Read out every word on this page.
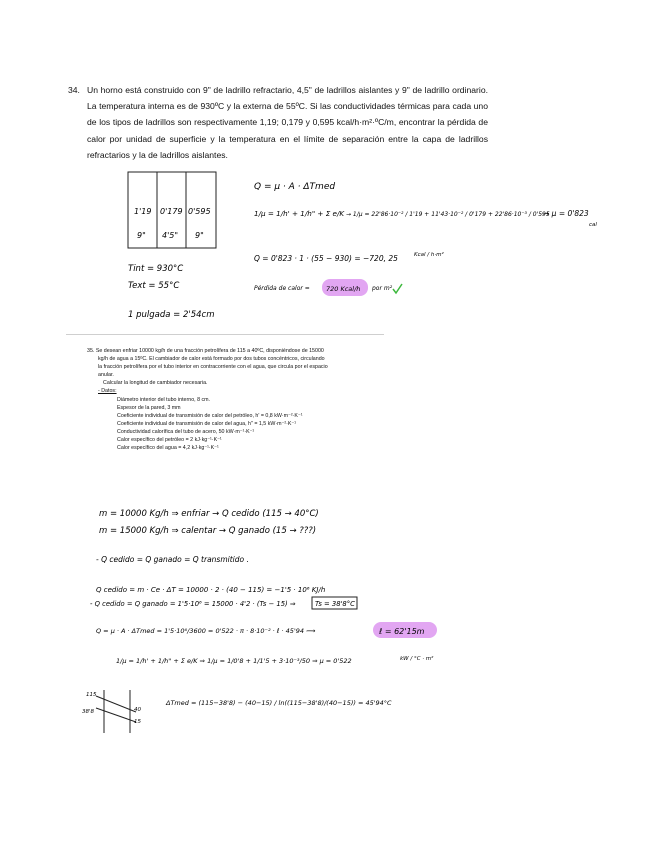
34. Un horno está construido con 9" de ladrillo refractario, 4,5" de ladrillos aislantes y 9" de ladrillo ordinario. La temperatura interna es de 930ºC y la externa de 55ºC. Si las conductividades térmicas para cada uno de los tipos de ladrillos son respectivamente 1,19; 0,179 y 0,595 kcal/h·m²·ºC/m, encontrar la pérdida de calor por unidad de superficie y la temperatura en el límite de separación entre la capa de ladrillos refractarios y la de ladrillos aislantes.
1'19 0'179 0'595
9" 4'5" 9"
Tint = 930°C
Text = 55°C
1 pulgada = 2'54cm
Q = μ · A · ΔTmed
1/μ = 1/h' + 1/h" + Σ e/K → 1/μ = 22'86·10⁻² / 1'19 + 11'43·10⁻² / 0'179 + 22'86·10⁻³ / 0'595
→ μ = 0'823
cal
Q = 0'823 · 1 · (55 − 930) = −720, 25	Kcal / h·m²
Pérdida de calor = 720 Kcal/h por m²
35. Se desean enfriar 10000 kg/h de una fracción petrolífera de 115 a 40ºC, disponiéndose de 15000
kg/h de agua a 15ºC. El cambiador de calor está formado por dos tubos concéntricos, circulando
la fracción petrolífera por el tubo interior en contracorriente con el agua, que circula por el espacio
anular.
Calcular la longitud de cambiador necesaria.
- Datos:
Diámetro interior del tubo interno, 8 cm.
Espesor de la pared, 3 mm
Coeficiente individual de transmisión de calor del petróleo, h' = 0,8 kW·m⁻²·K⁻¹
Coeficiente individual de transmisión de calor del agua, h" = 1,5 kW·m⁻²·K⁻¹
Conductividad calorífica del tubo de acero, 50 kW·m⁻¹·K⁻¹
Calor específico del petróleo = 2 kJ·kg⁻¹·K⁻¹
Calor específico del agua = 4,2 kJ·kg⁻¹·K⁻¹
m = 10000 Kg/h ⇒ enfriar → Q cedido (115 → 40°C)
m = 15000 Kg/h ⇒ calentar → Q ganado (15 → ???)
- Q cedido = Q ganado = Q transmitido .
Q cedido = m · Ce · ΔT = 10000 · 2 · (40 − 115) = −1'5 · 10⁶ KJ/h
- Q cedido = Q ganado = 1'5·10⁶ = 15000 · 4'2 · (Ts − 15) ⇒	Ts = 38'8°C
Q = μ · A · ΔTmed = 1'5·10⁶/3600 = 0'522 · π · 8·10⁻² · ℓ · 45'94 ⟿	ℓ = 62'15m
1/μ = 1/h' + 1/h" + Σ e/K ⇒ 1/μ = 1/0'8 + 1/1'5 + 3·10⁻³/50 ⇒ μ = 0'522	kW / °C · m²
115
38'8	40
15
ΔTmed = (115−38'8) − (40−15) / ln((115−38'8)/(40−15)) = 45'94°C
